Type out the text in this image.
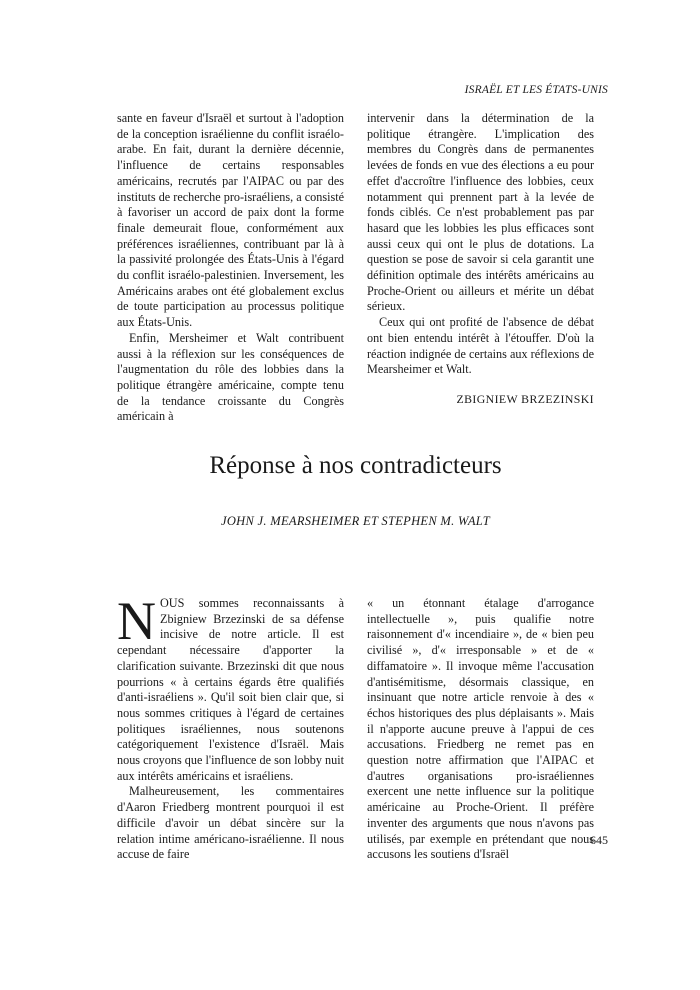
ISRAËL ET LES ÉTATS-UNIS

sante en faveur d'Israël et surtout à l'adoption de la conception israélienne du conflit israélo-arabe. En fait, durant la dernière décennie, l'influence de certains responsables américains, recrutés par l'AIPAC ou par des instituts de recherche pro-israéliens, a consisté à favoriser un accord de paix dont la forme finale demeurait floue, conformément aux préférences israéliennes, contribuant par là à la passivité prolongée des États-Unis à l'égard du conflit israélo-palestinien. Inversement, les Américains arabes ont été globalement exclus de toute participation au processus politique aux États-Unis.

Enfin, Mersheimer et Walt contribuent aussi à la réflexion sur les conséquences de l'augmentation du rôle des lobbies dans la politique étrangère américaine, compte tenu de la tendance croissante du Congrès américain à

intervenir dans la détermination de la politique étrangère. L'implication des membres du Congrès dans de permanentes levées de fonds en vue des élections a eu pour effet d'accroître l'influence des lobbies, ceux notamment qui prennent part à la levée de fonds ciblés. Ce n'est probablement pas par hasard que les lobbies les plus efficaces sont aussi ceux qui ont le plus de dotations. La question se pose de savoir si cela garantit une définition optimale des intérêts américains au Proche-Orient ou ailleurs et mérite un débat sérieux.

Ceux qui ont profité de l'absence de débat ont bien entendu intérêt à l'étouffer. D'où la réaction indignée de certains aux réflexions de Mearsheimer et Walt.

ZBIGNIEW BRZEZINSKI

Réponse à nos contradicteurs

JOHN J. MEARSHEIMER ET STEPHEN M. WALT

NOUS sommes reconnaissants à Zbigniew Brzezinski de sa défense incisive de notre article. Il est cependant nécessaire d'apporter la clarification suivante. Brzezinski dit que nous pourrions « à certains égards être qualifiés d'anti-israéliens ». Qu'il soit bien clair que, si nous sommes critiques à l'égard de certaines politiques israéliennes, nous soutenons catégoriquement l'existence d'Israël. Mais nous croyons que l'influence de son lobby nuit aux intérêts américains et israéliens.

Malheureusement, les commentaires d'Aaron Friedberg montrent pourquoi il est difficile d'avoir un débat sincère sur la relation intime américano-israélienne. Il nous accuse de faire

« un étonnant étalage d'arrogance intellectuelle », puis qualifie notre raisonnement d'« incendiaire », de « bien peu civilisé », d'« irresponsable » et de « diffamatoire ». Il invoque même l'accusation d'antisémitisme, désormais classique, en insinuant que notre article renvoie à des « échos historiques des plus déplaisants ». Mais il n'apporte aucune preuve à l'appui de ces accusations. Friedberg ne remet pas en question notre affirmation que l'AIPAC et d'autres organisations pro-israéliennes exercent une nette influence sur la politique américaine au Proche-Orient. Il préfère inventer des arguments que nous n'avons pas utilisés, par exemple en prétendant que nous accusons les soutiens d'Israël

645
